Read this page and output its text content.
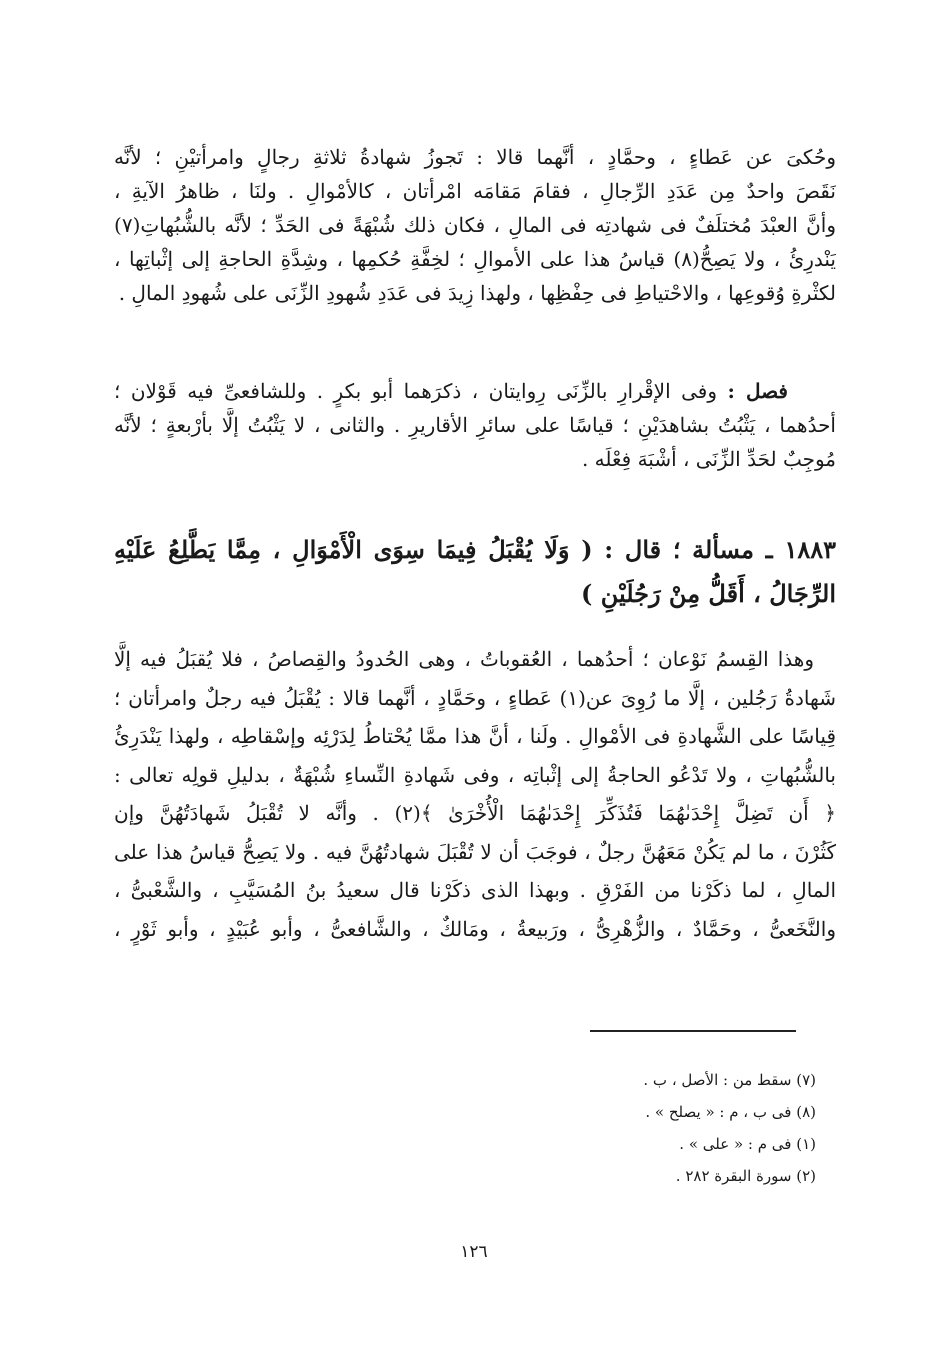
وحُكىَ عن عَطاءٍ ، وحمَّادٍ ، أنَّهما قالا : تَجوزُ شهادةُ ثلاثةِ رجالٍ وامرأتيْنِ ؛ لأنَّه
نَقَصَ واحدٌ مِن عَدَدِ الرِّجالِ ، فقامَ مَقامَه امْرأتان ، كالأمْوالِ . ولنَا ، ظاهرُ الآيةِ ،
وأنَّ العبْدَ مُختلَفٌ فى شهادتِه فى المالِ ، فكان ذلك شُبْهَةً فى الحَدِّ ؛ لأنَّه بالشُّبُهاتِ(٧)
يَنْدرِئُ ، ولا يَصِحُّ(٨) قياسُ هذا على الأموالِ ؛ لخِفَّةِ حُكمِها ، وشِدَّةِ الحاجةِ إلى إثْباتِها ،
لكثْرةِ وُقوعِها ، والاحْتياطِ فى حِفْظِها ، ولهذا زِيدَ فى عَدَدِ شُهودِ الزِّنَى على شُهودِ المالِ .
فصل : وفى الإقْرارِ بالزِّنَى رِوايتان ، ذكرَهما أبو بكرٍ . وللشافعىِّ فيه قَوْلان ؛
أحدُهما ، يَثْبُتُ بشاهدَيْنِ ؛ قياسًا على سائرِ الأقاريرِ . والثانى ، لا يَثْبُتُ إلَّا بأرْبعةٍ ؛ لأنَّه
مُوجِبٌ لحَدِّ الزِّنَى ، أشْبَهَ فِعْلَه .
١٨٨٣ ـ مسألة ؛ قال : ( وَلَا يُقْبَلُ فِيمَا سِوَى الْأَمْوَالِ ، مِمَّا يَطَّلِعُ عَلَيْهِ
الرِّجَالُ ، أَقَلُّ مِنْ رَجُلَيْنِ )
وهذا القِسمُ نَوْعان ؛ أحدُهما ، العُقوباتُ ، وهى الحُدودُ والقِصاصُ ، فلا يُقبَلُ فيه إلَّا
شَهادةُ رَجُلين ، إلَّا ما رُوِىَ عن(١) عَطاءٍ ، وحَمَّادٍ ، أنَّهما قالا : يُقْبَلُ فيه رجلٌ وامرأتان ؛
قِياسًا على الشَّهادةِ فى الأمْوالِ . ولَنا ، أنَّ هذا ممَّا يُحْتاطُ لِدَرْئِه وإسْقاطِه ، ولهذا يَنْدَرِئُ
بالشُّبُهاتِ ، ولا تَدْعُو الحاجةُ إلى إثْباتِه ، وفى شَهادةِ النِّساءِ شُبْهَةٌ ، بدليلِ قولِه تعالى :
﴿ أَن تَضِلَّ إِحْدَىٰهُمَا فَتُذَكِّرَ إِحْدَىٰهُمَا الْأُخْرَىٰ ﴾(٢) . وأنَّه لا تُقْبَلُ شَهادَتُهُنَّ وإن
كَثُرْنَ ، ما لم يَكُنْ مَعَهُنَّ رجلٌ ، فوجَبَ أن لا تُقْبَلَ شهادتُهُنَّ فيه . ولا يَصِحُّ قياسُ هذا على
المالِ ، لما ذكَرْنا من الفَرْقِ . وبهذا الذى ذكَرْنا قال سعيدُ بنُ المُسَيَّبِ ، والشَّعْبىُّ ،
والنَّخَعىُّ ، وحَمَّادٌ ، والزُّهْرِىُّ ، ورَبيعةُ ، ومَالكٌ ، والشَّافعىُّ ، وأبو عُبَيْدٍ ، وأبو ثَوْرٍ ،
(٧) سقط من : الأصل ، ب .
(٨) فى ب ، م : « يصلح » .
(١) فى م : « على » .
(٢) سورة البقرة ٢٨٢ .
١٢٦
